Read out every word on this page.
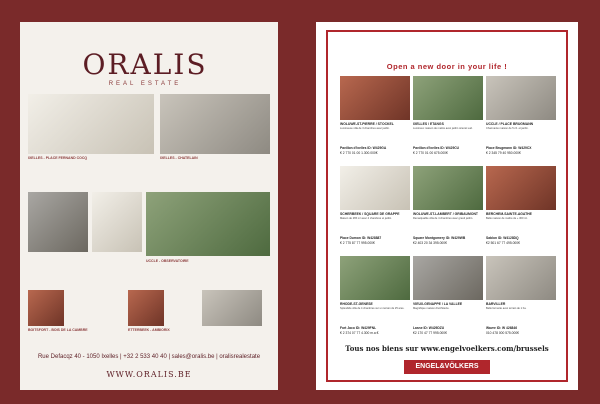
ORALIS
REAL ESTATE
IXELLES - PLACE FERNAND COCQ	IXELLES - CHATELAIN
UCCLE - OBSERVATOIRE
BOITSFORT - BOIS DE LA CAMBRE	ETTERBEEK - AMBIORIX
Rue Defacqz 40 - 1050 Ixelles | +32 2 533 40 40 | sales@oralis.be | oralisrealestate
WWW.ORALIS.BE
Open a new door in your life !
WOLUWE-ST-PIERRE / STOCKEL
Lumineuse villa de 3 chambres avec jardin.
Pavillon d'Ixelles ID: W429GA
€ 2 770 01 00 1.300.000€
IXELLES / ETANGS
Lumineux maison de maître avec jardin orienté sud.
Pavillon d'Ixelles ID: W429CU
€ 2 770 01 00 675.000€
UCCLE / PLACE BRUGMANN
Charmante maison de 5 ch. et jardin.
Place Brugmann ID: W429CX
€ 2 345 79 40 950.000€
SCHERBEEK / SQUARE DE GRAPPE
Maison de 265 m² avec 4 chambres et jardin.
Place Dumon ID: W428887
€ 2 775 87 77 995.000€
WOLUWE-ST-LAMBERT / GRIBAUMONT
Remarquable villa de 4 chambres avec grand jardin.
Square Montgomery ID: W429WB
€2 403 20 34 395.000€
BERCHEM-SAINTE-AGATHE
Belle maison de maître de + 300 m².
Sablon ID: W4128DQ
€2 501 67 77 495.000€
RHODE-ST-GENESE
Splendide villa de 4 chambres sur un terrain de 25 ares.
Fort Jaco ID: W429FNL
€ 2 374 07 77 4.300 m.a.€
VIEUX-GENAPPE / LA VALLEE
Magnifique maison d'architecte.
Lasne ID: W429DZU
€2 170 47 77 995.000€
BARVILLER
Belle fermette avec terrain de 1 ha.
Wavre ID: W 426846
010 478 000 575.000€
Tous nos biens sur www.engelvoelkers.com/brussels
ENGEL&VÖLKERS
